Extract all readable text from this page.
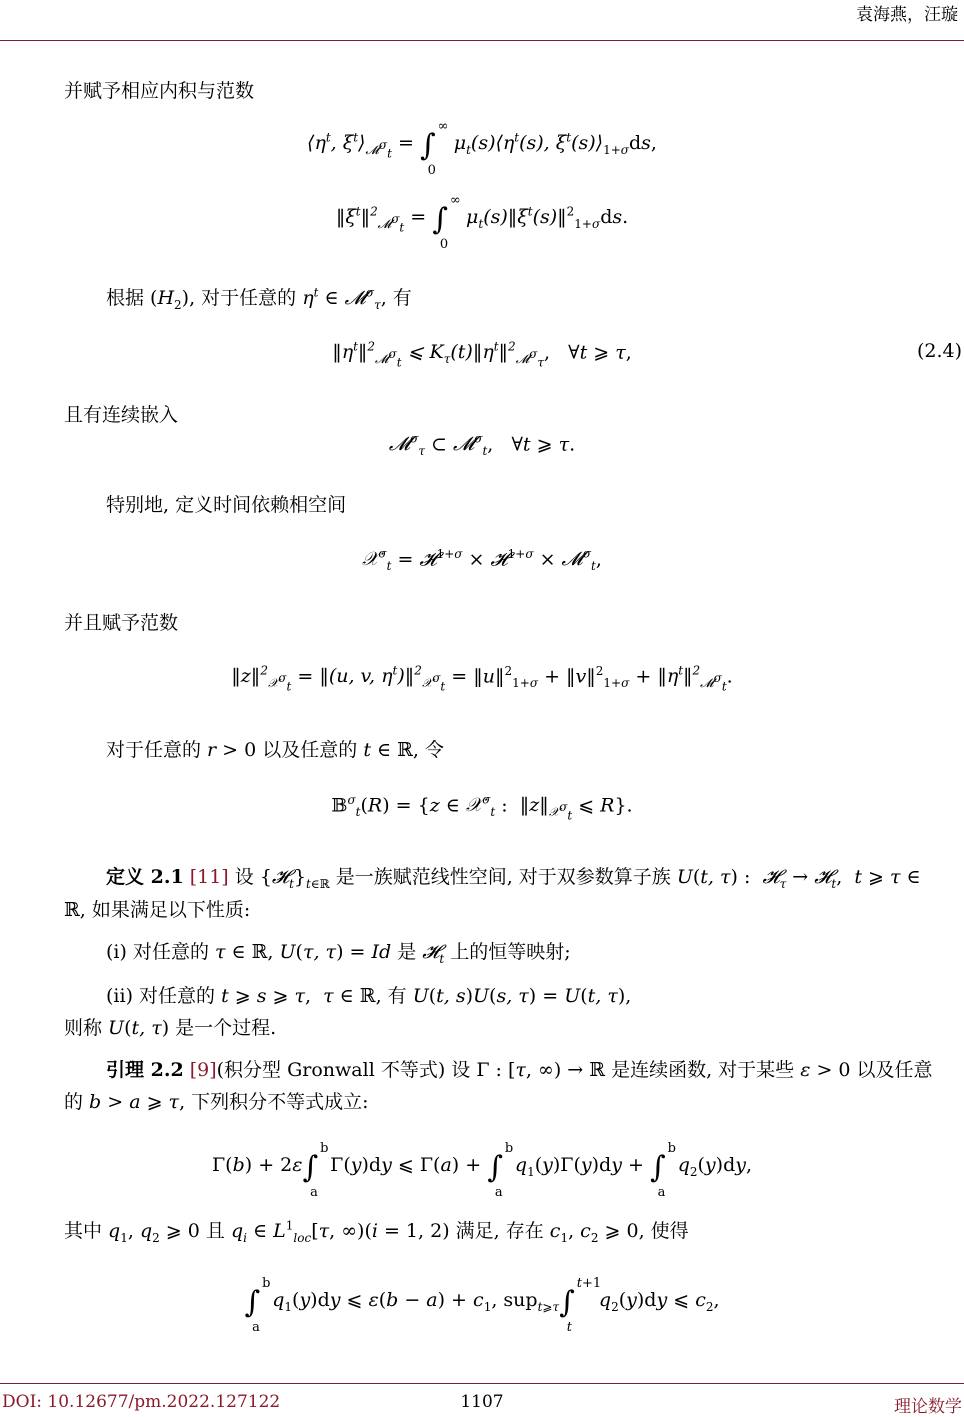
袁海燕，汪璇
并赋予相应内积与范数
$⟨\eta^t$, $\xi^t⟩_{𝓜^\sigma_t}$ = ∫
∞
0
$\mu_t(s)⟨\eta^t(s)$, $\xi^t(s)⟩_{1+\sigma}ds$,
$‖\xi^t‖^2_{𝓜^\sigma_t}$ = ∫
∞
0
$\mu_t(s)‖\xi^t(s)‖^2_{1+\sigma}ds$.
根据 $(H_2)$, 对于任意的 $\eta^t$ ∈ 𝓜$^\sigma_\tau$, 有
$‖\eta^t‖^2_{𝓜^\sigma_t}$ ⩽ $K_\tau(t)‖\eta^t‖^2_{𝓜^\sigma_\tau}$,   ∀t ⩾ τ,	(2.4)
且有连续嵌入
𝓜$^\sigma_\tau$ ⊂ 𝓜$^\sigma_t$,   ∀t ⩾ τ.
特别地, 定义时间依赖相空间
𝒳$^\sigma_t$ = 𝓗$^{1+\sigma}$ × 𝓗$^{1+\sigma}$ × 𝓜$^\sigma_t$,
并且赋予范数
‖z‖$^2_{𝒳^\sigma_t}$ = ‖(u, v, $\eta^t)‖^2_{𝒳^\sigma_t}$ = ‖u‖$^2_{1+\sigma}$ + ‖v‖$^2_{1+\sigma}$ + $‖\eta^t‖^2_{𝓜^\sigma_t}$.
对于任意的 r > 0 以及任意的 t ∈ ℝ, 令
𝔹$^\sigma_t$(R) = {z ∈ 𝒳$^\sigma_t$ :  $‖z‖_{𝒳^\sigma_t}$ ⩽ R}.
定义 2.1 [11] 设 $\{𝓗_t\}_{t\in ℝ}$ 是一族赋范线性空间, 对于双参数算子族 U(t, τ) :  𝓗$_\tau$ → 𝓗$_t$,  t ⩾ τ ∈
ℝ, 如果满足以下性质:
(i) 对任意的 τ ∈ ℝ, U(τ, τ) = Id 是 𝓗$_t$ 上的恒等映射;
(ii) 对任意的 t ⩾ s ⩾ τ,  τ ∈ ℝ, 有 U(t, s)U(s, τ) = U(t, τ),
则称 U(t, τ) 是一个过程.
引理 2.2 [9](积分型 Gronwall 不等式) 设 Γ : [τ, ∞) → ℝ 是连续函数, 对于某些 ε > 0 以及任意
的 b > a ⩾ τ, 下列积分不等式成立:
Γ(b) + 2ε∫
b
a
Γ(y)dy ⩽ Γ(a) + ∫
b
a
$q_1(y)\Gamma(y)dy$ + ∫
b
a
$q_2(y)dy$,
其中 $q_1$, $q_2$ ⩾ 0 且 $q_i$ ∈ $L^1_{loc}[\tau$, ∞)(i = 1, 2) 满足, 存在 $c_1$, $c_2$ ⩾ 0, 使得
∫
b
a
$q_1(y)dy$ ⩽ $\varepsilon(b - a) + c_1$, sup$_{t⩾\tau}$∫
t+1
t
$q_2(y)dy$ ⩽ $c_2$,
DOI: 10.12677/pm.2022.127122	1107	理论数学
